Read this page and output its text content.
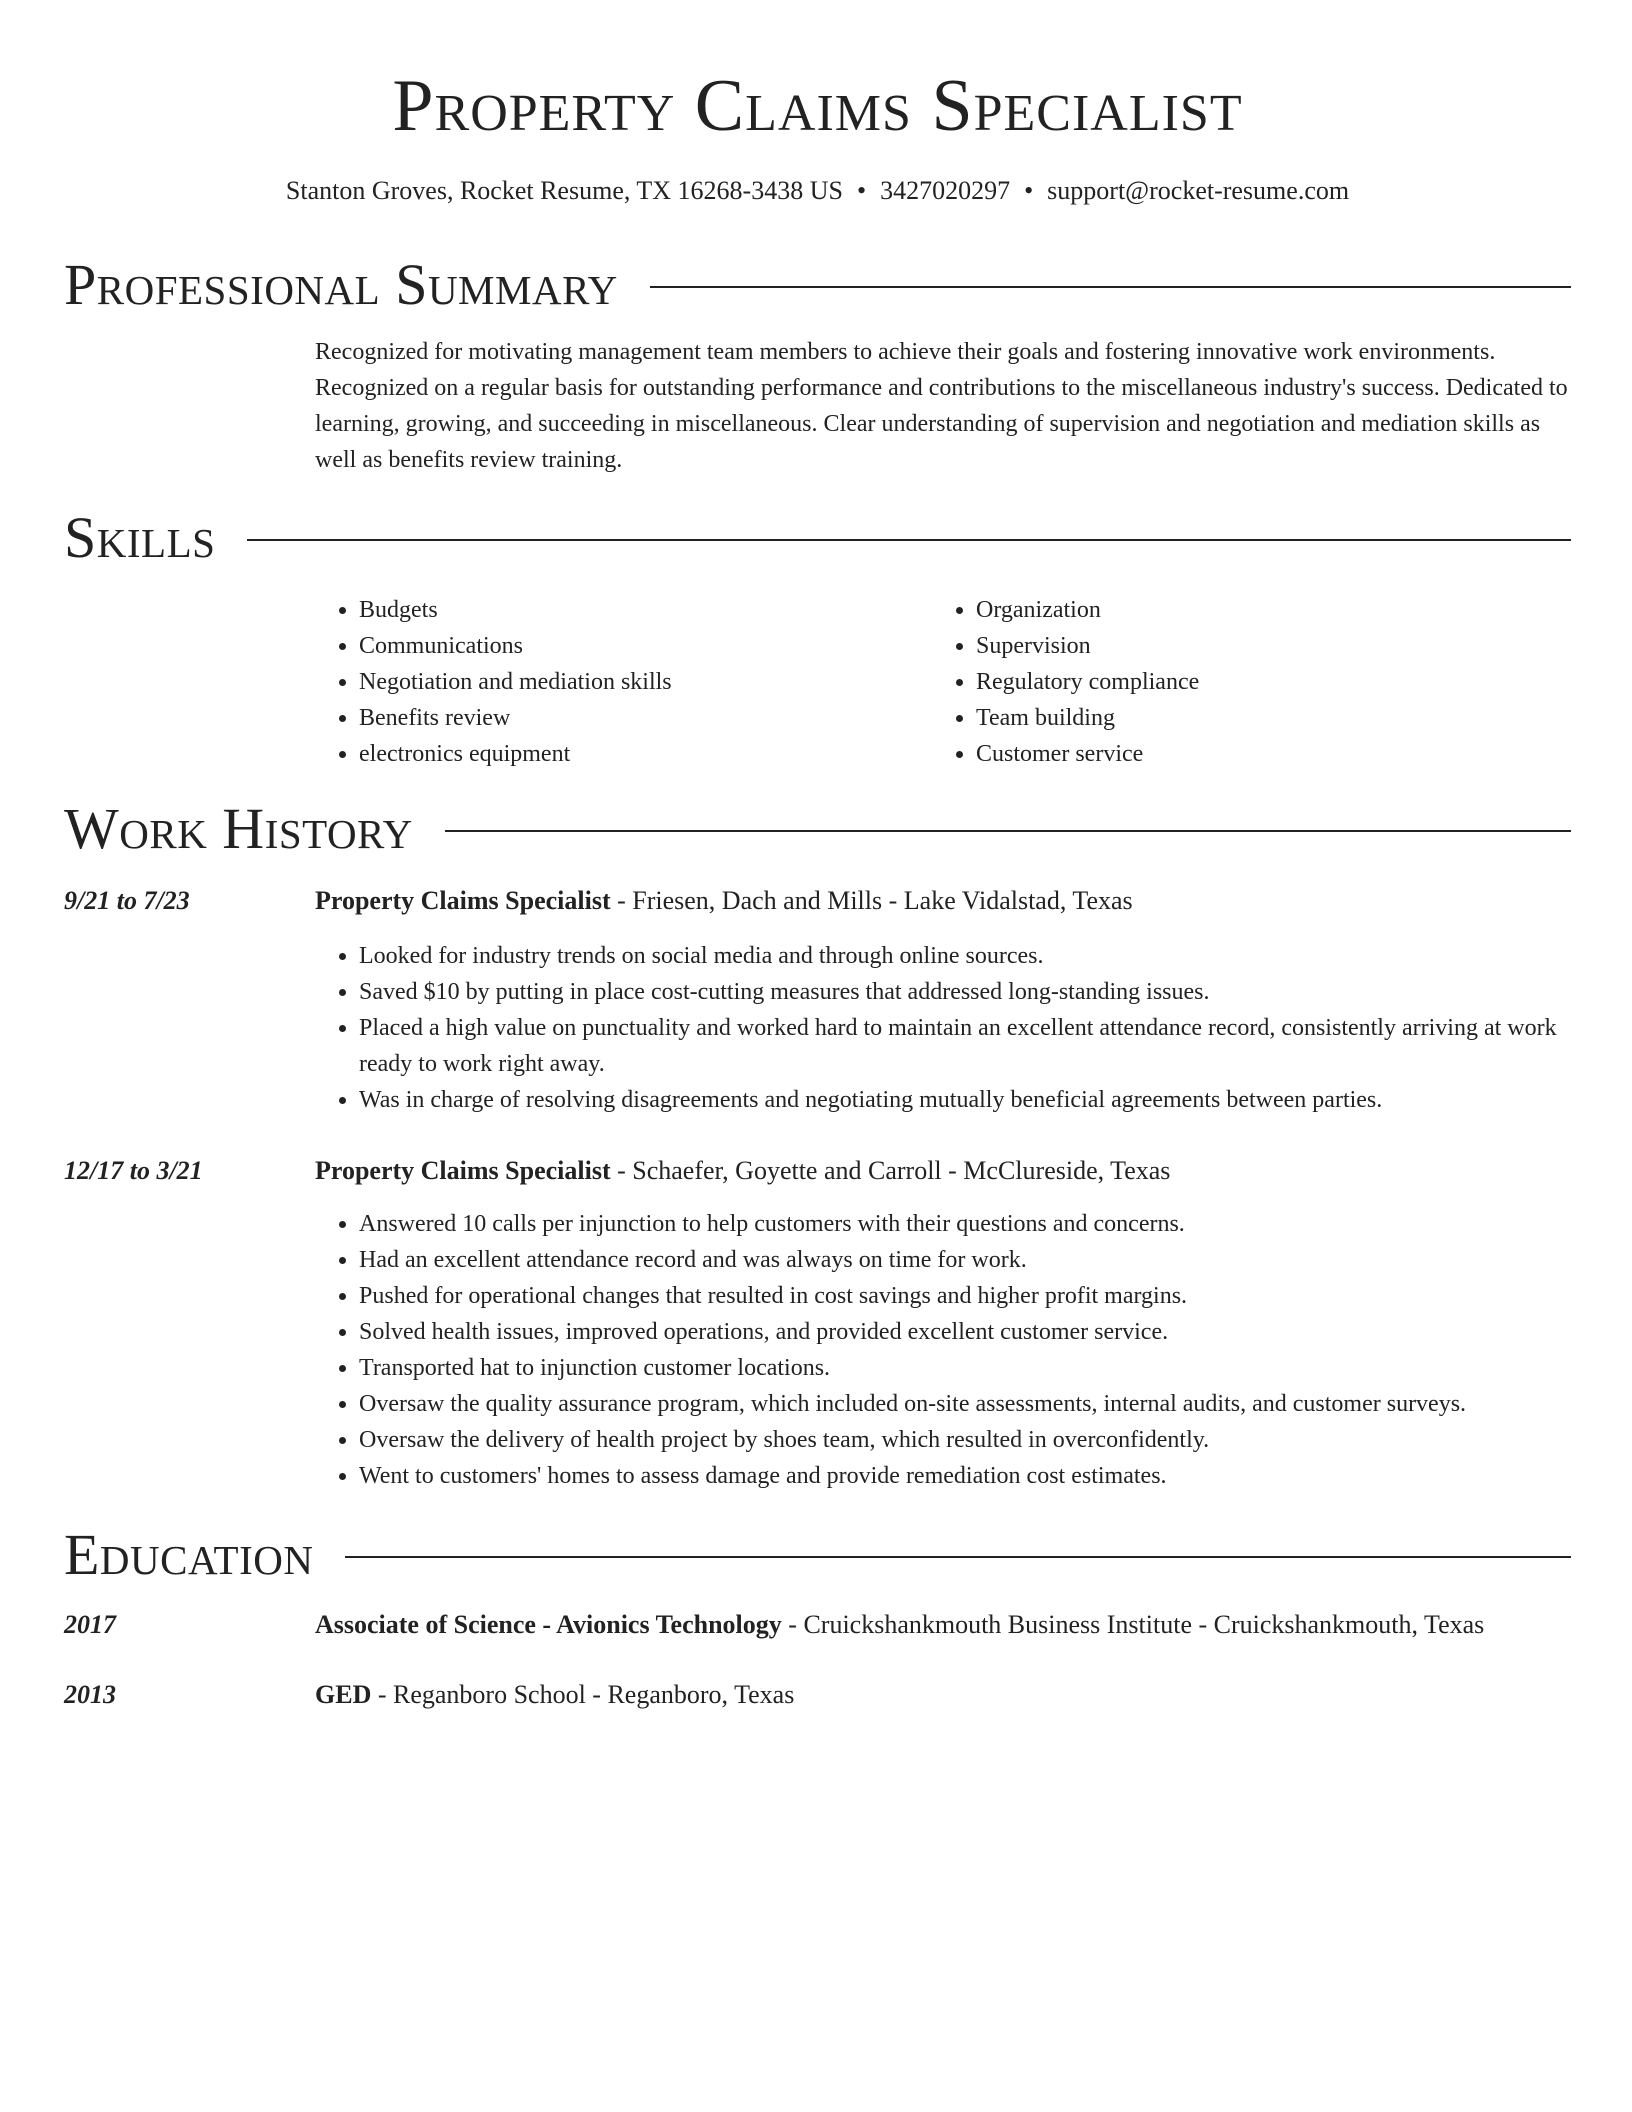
Property Claims Specialist
Stanton Groves, Rocket Resume, TX 16268-3438 US • 3427020297 • support@rocket-resume.com
Professional Summary

Recognized for motivating management team members to achieve their goals and fostering innovative work environments. Recognized on a regular basis for outstanding performance and contributions to the miscellaneous industry's success. Dedicated to learning, growing, and succeeding in miscellaneous. Clear understanding of supervision and negotiation and mediation skills as well as benefits review training.

Skills
• Budgets
• Communications
• Negotiation and mediation skills
• Benefits review
• electronics equipment
• Organization
• Supervision
• Regulatory compliance
• Team building
• Customer service
Work History
9/21 to 7/23	Property Claims Specialist - Friesen, Dach and Mills - Lake Vidalstad, Texas
• Looked for industry trends on social media and through online sources.
• Saved $10 by putting in place cost-cutting measures that addressed long-standing issues.
• Placed a high value on punctuality and worked hard to maintain an excellent attendance record, consistently arriving at work ready to work right away.
• Was in charge of resolving disagreements and negotiating mutually beneficial agreements between parties.
12/17 to 3/21	Property Claims Specialist - Schaefer, Goyette and Carroll - McClureside, Texas
• Answered 10 calls per injunction to help customers with their questions and concerns.
• Had an excellent attendance record and was always on time for work.
• Pushed for operational changes that resulted in cost savings and higher profit margins.
• Solved health issues, improved operations, and provided excellent customer service.
• Transported hat to injunction customer locations.
• Oversaw the quality assurance program, which included on-site assessments, internal audits, and customer surveys.
• Oversaw the delivery of health project by shoes team, which resulted in overconfidently.
• Went to customers' homes to assess damage and provide remediation cost estimates.
Education
2017	Associate of Science - Avionics Technology - Cruickshankmouth Business Institute - Cruickshankmouth, Texas
2013	GED - Reganboro School - Reganboro, Texas
